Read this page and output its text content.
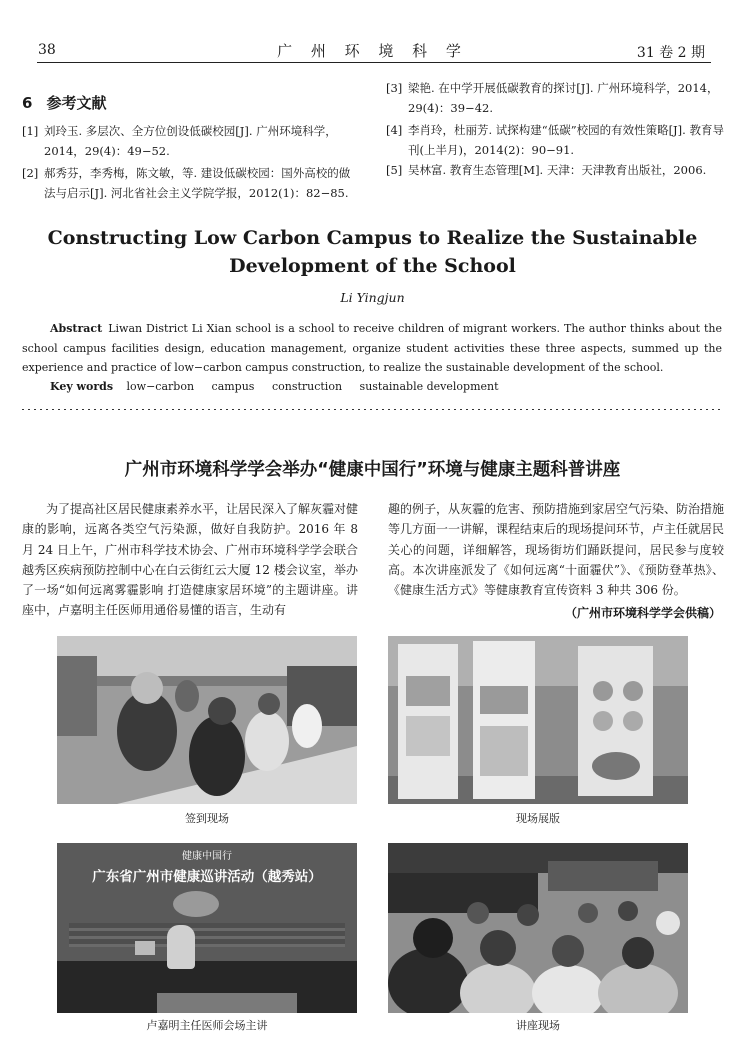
38	广 州 环 境 科 学	31 卷 2 期
6 参考文献
[1] 刘玲玉. 多层次、全方位创设低碳校园[J]. 广州环境科学，2014，29(4)：49−52.
[2] 郝秀芬，李秀梅，陈文敏，等. 建设低碳校园：国外高校的做法与启示[J]. 河北省社会主义学院学报，2012(1)：82−85.
[3] 梁艳. 在中学开展低碳教育的探讨[J]. 广州环境科学，2014，29(4)：39−42.
[4] 李肖玲，杜丽芳. 试探构建“低碳”校园的有效性策略[J]. 教育导刊(上半月)，2014(2)：90−91.
[5] 吴林富. 教育生态管理[M]. 天津：天津教育出版社，2006.
Constructing Low Carbon Campus to Realize the Sustainable
Development of the School
Li Yingjun
Abstract Liwan District Li Xian school is a school to receive children of migrant workers. The author thinks about the school campus facilities design, education management, organize student activities these three aspects, summed up the experience and practice of low−carbon campus construction, to realize the sustainable development of the school.
Key words low−carbon campus construction sustainable development
广州市环境科学学会举办“健康中国行”环境与健康主题科普讲座
为了提高社区居民健康素养水平，让居民深入了解灰霾对健康的影响，远离各类空气污染源，做好自我防护。2016 年 8 月 24 日上午，广州市科学技术协会、广州市环境科学学会联合越秀区疾病预防控制中心在白云街红云大厦 12 楼会议室，举办了一场“如何远离雾霾影响 打造健康家居环境”的主题讲座。讲座中，卢嘉明主任医师用通俗易懂的语言，生动有
趣的例子，从灰霾的危害、预防措施到家居空气污染、防治措施等几方面一一讲解，课程结束后的现场提问环节，卢主任就居民关心的问题，详细解答，现场街坊们踊跃提问，居民参与度较高。本次讲座派发了《如何远离“十面霾伏”》、《预防登革热》、《健康生活方式》等健康教育宣传资料 3 种共 306 份。
（广州市环境科学学会供稿）
签到现场	现场展版
健康中国行
广东省广州市健康巡讲活动（越秀站）
卢嘉明主任医师会场主讲	讲座现场
